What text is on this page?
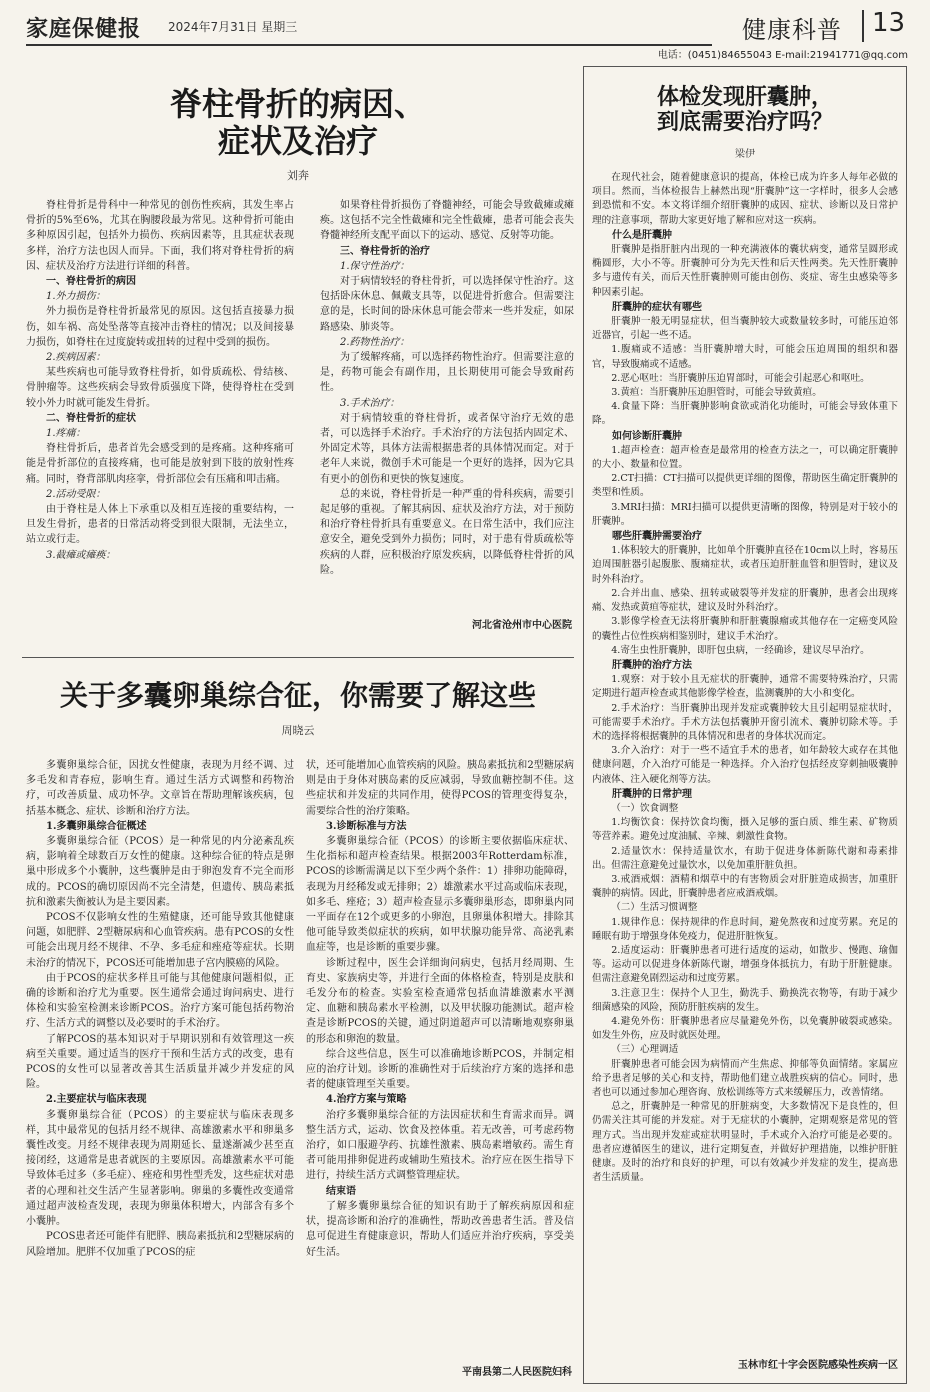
家庭保健报 2024年7月31日 星期三	健康科普 13
电话：(0451)84655043 E-mail:21941771@qq.com
脊柱骨折的病因、
症状及治疗
刘奔

脊柱骨折是骨科中一种常见的创伤性疾病，其发生率占骨折的5%至6%，尤其在胸腰段最为常见。这种骨折可能由多种原因引起，包括外力损伤、疾病因素等，且其症状表现多样，治疗方法也因人而异。下面，我们将对脊柱骨折的病因、症状及治疗方法进行详细的科普。

一、脊柱骨折的病因
1.外力损伤：

外力损伤是脊柱骨折最常见的原因。这包括直接暴力损伤，如车祸、高处坠落等直接冲击脊柱的情况；以及间接暴力损伤，如脊柱在过度旋转或扭转的过程中受到的损伤。

2.疾病因素：

某些疾病也可能导致脊柱骨折，如骨质疏松、骨结核、骨肿瘤等。这些疾病会导致骨质强度下降，使得脊柱在受到较小外力时就可能发生骨折。

二、脊柱骨折的症状
1.疼痛：

脊柱骨折后，患者首先会感受到的是疼痛。这种疼痛可能是骨折部位的直接疼痛，也可能是放射到下肢的放射性疼痛。同时，脊背部肌肉痉挛，骨折部位会有压痛和叩击痛。

2.活动受限：

由于脊柱是人体上下承重以及相互连接的重要结构，一旦发生骨折，患者的日常活动将受到很大限制，无法坐立，站立或行走。

3.截瘫或瘫痪：

如果脊柱骨折损伤了脊髓神经，可能会导致截瘫或瘫痪。这包括不完全性截瘫和完全性截瘫，患者可能会丧失脊髓神经所支配平面以下的运动、感觉、反射等功能。

三、脊柱骨折的治疗
1.保守性治疗：

对于病情较轻的脊柱骨折，可以选择保守性治疗。这包括卧床休息、佩戴支具等，以促进骨折愈合。但需要注意的是，长时间的卧床休息可能会带来一些并发症，如尿路感染、肺炎等。

2.药物性治疗：

为了缓解疼痛，可以选择药物性治疗。但需要注意的是，药物可能会有副作用，且长期使用可能会导致耐药性。

3.手术治疗：

对于病情较重的脊柱骨折，或者保守治疗无效的患者，可以选择手术治疗。手术治疗的方法包括内固定术、外固定术等，具体方法需根据患者的具体情况而定。对于老年人来说，微创手术可能是一个更好的选择，因为它具有更小的创伤和更快的恢复速度。

总的来说，脊柱骨折是一种严重的骨科疾病，需要引起足够的重视。了解其病因、症状及治疗方法，对于预防和治疗脊柱骨折具有重要意义。在日常生活中，我们应注意安全，避免受到外力损伤；同时，对于患有骨质疏松等疾病的人群，应积极治疗原发疾病，以降低脊柱骨折的风险。

河北省沧州市中心医院
关于多囊卵巢综合征，你需要了解这些
周晓云

多囊卵巢综合征，因扰女性健康，表现为月经不调、过多毛发和青春痘，影响生育。通过生活方式调整和药物治疗，可改善质量、成功怀孕。文章旨在帮助理解该疾病，包括基本概念、症状、诊断和治疗方法。

1.多囊卵巢综合征概述

多囊卵巢综合征（PCOS）是一种常见的内分泌紊乱疾病，影响着全球数百万女性的健康。这种综合征的特点是卵巢中形成多个小囊肿，这些囊肿是由于卵泡发育不完全而形成的。PCOS的确切原因尚不完全清楚，但遗传、胰岛素抵抗和激素失衡被认为是主要因素。

PCOS不仅影响女性的生殖健康，还可能导致其他健康问题，如肥胖、2型糖尿病和心血管疾病。患有PCOS的女性可能会出现月经不规律、不孕、多毛症和痤疮等症状。长期未治疗的情况下，PCOS还可能增加患子宫内膜癌的风险。

由于PCOS的症状多样且可能与其他健康问题相似，正确的诊断和治疗尤为重要。医生通常会通过询问病史、进行体检和实验室检测来诊断PCOS。治疗方案可能包括药物治疗、生活方式的调整以及必要时的手术治疗。

了解PCOS的基本知识对于早期识别和有效管理这一疾病至关重要。通过适当的医疗干预和生活方式的改变，患有PCOS的女性可以显著改善其生活质量并减少并发症的风险。

2.主要症状与临床表现

多囊卵巢综合征（PCOS）的主要症状与临床表现多样，其中最常见的包括月经不规律、高雄激素水平和卵巢多囊性改变。月经不规律表现为周期延长、量遂渐减少甚至直接闭经，这通常是患者就医的主要原因。高雄激素水平可能导致体毛过多（多毛症）、痤疮和男性型秃发，这些症状对患者的心理和社交生活产生显著影响。卵巢的多囊性改变通常通过超声波检查发现，表现为卵巢体积增大，内部含有多个小囊肿。

PCOS患者还可能伴有肥胖、胰岛素抵抗和2型糖尿病的风险增加。肥胖不仅加重了PCOS的症

状，还可能增加心血管疾病的风险。胰岛素抵抗和2型糖尿病则是由于身体对胰岛素的反应减弱，导致血糖控制不佳。这些症状和并发症的共同作用，使得PCOS的管理变得复杂，需要综合性的治疗策略。

3.诊断标准与方法

多囊卵巢综合征（PCOS）的诊断主要依据临床症状、生化指标和超声检查结果。根据2003年Rotterdam标准，PCOS的诊断需满足以下至少两个条件：1）排卵功能障碍，表现为月经稀发或无排卵；2）雄激素水平过高或临床表现，如多毛、痤疮；3）超声检查显示多囊卵巢形态，即卵巢内同一平面存在12个或更多的小卵泡，且卵巢体积增大。排除其他可能导致类似症状的疾病，如甲状腺功能异常、高泌乳素血症等，也是诊断的重要步骤。

诊断过程中，医生会详细询问病史，包括月经周期、生育史、家族病史等，并进行全面的体格检查，特别是皮肤和毛发分布的检查。实验室检查通常包括血清雄激素水平测定、血糖和胰岛素水平检测，以及甲状腺功能测试。超声检查是诊断PCOS的关键，通过阴道超声可以清晰地观察卵巢的形态和卵泡的数量。

综合这些信息，医生可以准确地诊断PCOS，并制定相应的治疗计划。诊断的准确性对于后续治疗方案的选择和患者的健康管理至关重要。

4.治疗方案与策略

治疗多囊卵巢综合征的方法因症状和生育需求而异。调整生活方式，运动、饮食及控体重。若无改善，可考虑药物治疗，如口服避孕药、抗雄性激素、胰岛素增敏药。需生育者可能用排卵促进药或辅助生殖技术。治疗应在医生指导下进行，持续生活方式调整管理症状。

结束语

了解多囊卵巢综合征的知识有助于了解疾病原因和症状，提高诊断和治疗的准确性，帮助改善患者生活。普及信息可促进生育健康意识，帮助人们适应并治疗疾病，享受美好生活。

平南县第二人民医院妇科
体检发现肝囊肿，
到底需要治疗吗？
梁伊

在现代社会，随着健康意识的提高，体检已成为许多人每年必做的项目。然而，当体检报告上赫然出现“肝囊肿”这一字样时，很多人会感到恐慌和不安。本文将详细介绍肝囊肿的成因、症状、诊断以及日常护理的注意事项，帮助大家更好地了解和应对这一疾病。

什么是肝囊肿

肝囊肿是指肝脏内出现的一种充满液体的囊状病变，通常呈圆形或椭圆形，大小不等。肝囊肿可分为先天性和后天性两类。先天性肝囊肿多与遗传有关，而后天性肝囊肿则可能由创伤、炎症、寄生虫感染等多种因素引起。

肝囊肿的症状有哪些

肝囊肿一般无明显症状，但当囊肿较大或数量较多时，可能压迫邻近器官，引起一些不适。

1.腹痛或不适感：当肝囊肿增大时，可能会压迫周围的组织和器官，导致腹痛或不适感。

2.恶心呕吐：当肝囊肿压迫胃部时，可能会引起恶心和呕吐。

3.黄疸：当肝囊肿压迫胆管时，可能会导致黄疸。

4.食量下降：当肝囊肿影响食欲或消化功能时，可能会导致体重下降。

如何诊断肝囊肿

1.超声检查：超声检查是最常用的检查方法之一，可以确定肝囊肿的大小、数量和位置。

2.CT扫描：CT扫描可以提供更详细的图像，帮助医生确定肝囊肿的类型和性质。

3.MRI扫描：MRI扫描可以提供更清晰的图像，特别是对于较小的肝囊肿。

哪些肝囊肿需要治疗

1.体积较大的肝囊肿，比如单个肝囊肿直径在10cm以上时，容易压迫周围脏器引起腹胀、腹痛症状，或者压迫肝脏血管和胆管时，建议及时外科治疗。

2.合并出血、感染、扭转或破裂等并发症的肝囊肿，患者会出现疼痛、发热或黄疸等症状，建议及时外科治疗。

3.影像学检查无法将肝囊肿和肝脏囊腺瘤或其他存在一定癌变风险的囊性占位性疾病相鉴别时，建议手术治疗。

4.寄生虫性肝囊肿，即肝包虫病，一经确诊，建议尽早治疗。

肝囊肿的治疗方法

1.观察：对于较小且无症状的肝囊肿，通常不需要特殊治疗，只需定期进行超声检查或其他影像学检查，监测囊肿的大小和变化。

2.手术治疗：当肝囊肿出现并发症或囊肿较大且引起明显症状时，可能需要手术治疗。手术方法包括囊肿开窗引流术、囊肿切除术等。手术的选择将根据囊肿的具体情况和患者的身体状况而定。

3.介入治疗：对于一些不适宜手术的患者，如年龄较大或存在其他健康问题，介入治疗可能是一种选择。介入治疗包括经皮穿刺抽吸囊肿内液体、注入硬化剂等方法。

肝囊肿的日常护理

（一）饮食调整

1.均衡饮食：保持饮食均衡，摄入足够的蛋白质、维生素、矿物质等营养素。避免过度油腻、辛辣、刺激性食物。

2.适量饮水：保持适量饮水，有助于促进身体新陈代谢和毒素排出。但需注意避免过量饮水，以免加重肝脏负担。

3.戒酒戒烟：酒精和烟草中的有害物质会对肝脏造成损害，加重肝囊肿的病情。因此，肝囊肿患者应戒酒戒烟。

（二）生活习惯调整

1.规律作息：保持规律的作息时间，避免熬夜和过度劳累。充足的睡眠有助于增强身体免疫力，促进肝脏恢复。

2.适度运动：肝囊肿患者可进行适度的运动，如散步、慢跑、瑜伽等。运动可以促进身体新陈代谢，增强身体抵抗力，有助于肝脏健康。但需注意避免剧烈运动和过度劳累。

3.注意卫生：保持个人卫生，勤洗手、勤换洗衣物等，有助于减少细菌感染的风险，预防肝脏疾病的发生。

4.避免外伤：肝囊肿患者应尽量避免外伤，以免囊肿破裂或感染。如发生外伤，应及时就医处理。

（三）心理调适

肝囊肿患者可能会因为病情而产生焦虑、抑郁等负面情绪。家属应给予患者足够的关心和支持，帮助他们建立战胜疾病的信心。同时，患者也可以通过参加心理咨询、放松训练等方式来缓解压力，改善情绪。

总之，肝囊肿是一种常见的肝脏病变，大多数情况下是良性的，但仍需关注其可能的并发症。对于无症状的小囊肿，定期观察是常见的管理方式。当出现并发症或症状明显时，手术或介入治疗可能是必要的。患者应遵循医生的建议，进行定期复查，并做好护理措施，以维护肝脏健康。及时的治疗和良好的护理，可以有效减少并发症的发生，提高患者生活质量。

玉林市红十字会医院感染性疾病一区
